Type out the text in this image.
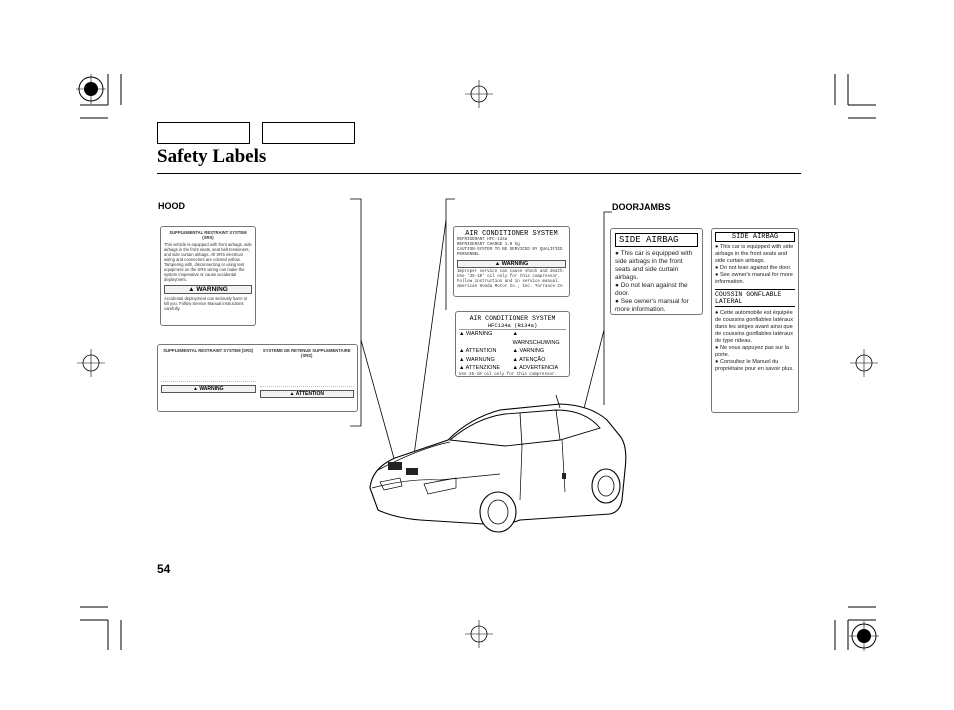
Safety Labels
HOOD	DOORJAMBS
SUPPLEMENTAL RESTRAINT SYSTEM (SRS)
This vehicle is equipped with front airbags, side airbags in the front seats, seat belt tensioners, and side curtain airbags. All SRS electrical wiring and connectors are colored yellow. Tampering with, disconnecting or using test equipment on the SRS wiring can make the system inoperative or cause accidental deployment.
▲ WARNING
Accidental deployment can seriously harm or kill you. Follow Service Manual instructions carefully.
SUPPLEMENTAL RESTRAINT SYSTEM (SRS)
▲ WARNING
SYSTEME DE RETENUE SUPPLEMENTAIRE (SRS)
▲ ATTENTION
AIR CONDITIONER SYSTEM
REFRIGERANT HFC-134a
REFRIGERANT CHARGE 1.0 kg
CAUTION-SYSTEM TO BE SERVICED BY QUALIFIED PERSONNEL
▲ WARNING
Improper service can cause shock and death.
Use '35-10' oil only for this compressor.
Follow instruction and in service manual.
American Honda Motor Co., Inc. Torrance CA
AIR CONDITIONER SYSTEM
HFC134a (R134a)
▲ WARNING	▲ WARNSCHUWING
▲ ATTENTION	▲ VARNING
▲ WARNUNG	▲ ATENÇÃO
▲ ATTENZIONE	▲ ADVERTENCIA
Use 35-10 oil only for this compressor.
SIDE AIRBAG
● This car is equipped with side airbags in the front seats and side curtain airbags.
● Do not lean against the door.
● See owner's manual for more information.
SIDE AIRBAG
● This car is equipped with side airbags in the front seats and side curtain airbags.
● Do not lean against the door.
● See owner's manual for more information.
COUSSIN GONFLABLE LATERAL
● Cette automobile est équipée de coussins gonflables latéraux dans les sièges avant ainsi que de coussins gonflables latéraux de type rideau.
● Ne vous appuyez pas sur la porte.
● Consultez le Manuel du propriétaire pour en savoir plus.
54
